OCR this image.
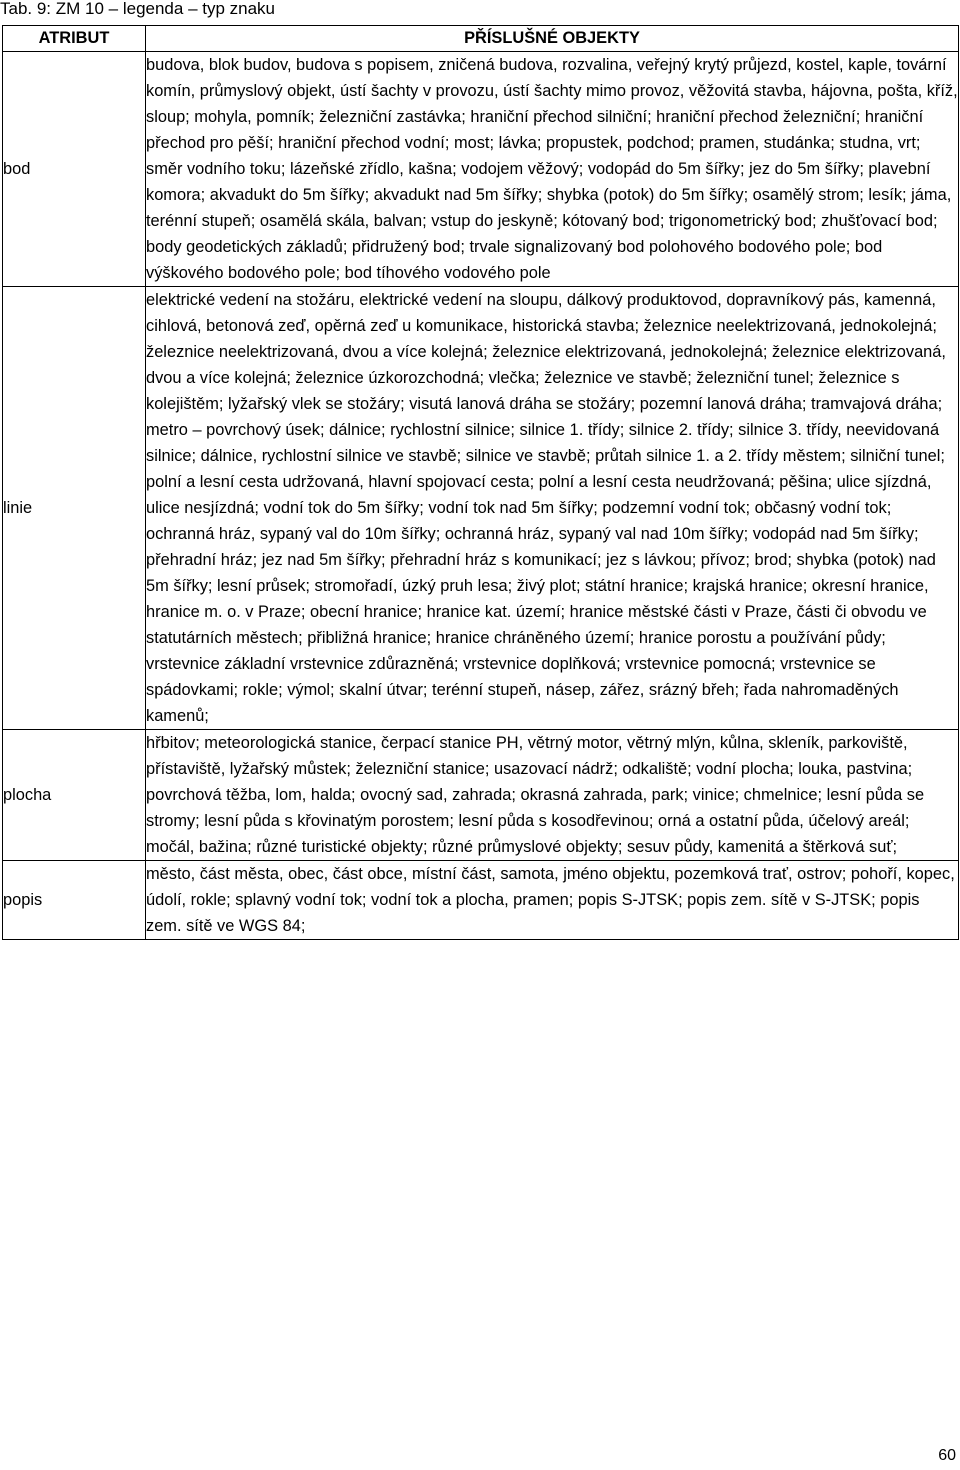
Tab. 9: ZM 10 – legenda – typ znaku
ATRIBUT	PŘÍSLUŠNÉ OBJEKTY
bod	budova, blok budov, budova s popisem, zničená budova, rozvalina, veřejný krytý průjezd, kostel, kaple, tovární komín, průmyslový objekt, ústí šachty v provozu, ústí šachty mimo provoz, věžovitá stavba, hájovna, pošta, kříž, sloup; mohyla, pomník; železniční zastávka; hraniční přechod silniční; hraniční přechod železniční; hraniční přechod pro pěší; hraniční přechod vodní; most; lávka; propustek, podchod; pramen, studánka; studna, vrt; směr vodního toku; lázeňské zřídlo, kašna; vodojem věžový; vodopád do 5m šířky; jez do 5m šířky; plavební komora; akvadukt do 5m šířky; akvadukt nad 5m šířky; shybka (potok) do 5m šířky; osamělý strom; lesík; jáma, terénní stupeň; osamělá skála, balvan; vstup do jeskyně; kótovaný bod; trigonometrický bod; zhušťovací bod; body geodetických základů; přidružený bod; trvale signalizovaný bod polohového bodového pole; bod výškového bodového pole; bod tíhového vodového pole
linie	elektrické vedení na stožáru, elektrické vedení na sloupu, dálkový produktovod, dopravníkový pás, kamenná, cihlová, betonová zeď, opěrná zeď u komunikace, historická stavba; železnice neelektrizovaná, jednokolejná; železnice neelektrizovaná, dvou a více kolejná; železnice elektrizovaná, jednokolejná; železnice elektrizovaná, dvou a více kolejná; železnice úzkorozchodná; vlečka; železnice ve stavbě; železniční tunel; železnice s kolejištěm; lyžařský vlek se stožáry; visutá lanová dráha se stožáry; pozemní lanová dráha; tramvajová dráha; metro – povrchový úsek; dálnice; rychlostní silnice; silnice 1. třídy; silnice 2. třídy; silnice 3. třídy, neevidovaná silnice; dálnice, rychlostní silnice ve stavbě; silnice ve stavbě; průtah silnice 1. a 2. třídy městem; silniční tunel; polní a lesní cesta udržovaná, hlavní spojovací cesta; polní a lesní cesta neudržovaná; pěšina; ulice sjízdná, ulice nesjízdná; vodní tok do 5m šířky; vodní tok nad 5m šířky; podzemní vodní tok; občasný vodní tok; ochranná hráz, sypaný val do 10m šířky; ochranná hráz, sypaný val nad 10m šířky; vodopád nad 5m šířky; přehradní hráz; jez nad 5m šířky; přehradní hráz s komunikací; jez s lávkou; přívoz; brod; shybka (potok) nad 5m šířky; lesní průsek; stromořadí, úzký pruh lesa; živý plot; státní hranice; krajská hranice; okresní hranice, hranice m. o. v Praze; obecní hranice; hranice kat. území; hranice městské části v Praze, části či obvodu ve statutárních městech; přibližná hranice; hranice chráněného území; hranice porostu a používání půdy; vrstevnice základní vrstevnice zdůrazněná; vrstevnice doplňková; vrstevnice pomocná; vrstevnice se spádovkami; rokle; výmol; skalní útvar; terénní stupeň, násep, zářez, srázný břeh; řada nahromaděných kamenů;
plocha	hřbitov; meteorologická stanice, čerpací stanice PH, větrný motor, větrný mlýn, kůlna, skleník, parkoviště, přístaviště, lyžařský můstek; železniční stanice; usazovací nádrž; odkaliště; vodní plocha; louka, pastvina; povrchová těžba, lom, halda; ovocný sad, zahrada; okrasná zahrada, park; vinice; chmelnice; lesní půda se stromy; lesní půda s křovinatým porostem; lesní půda s kosodřevinou; orná a ostatní půda, účelový areál; močál, bažina; různé turistické objekty; různé průmyslové objekty; sesuv půdy, kamenitá a štěrková suť;
popis	město, část města, obec, část obce, místní část, samota, jméno objektu, pozemková trať, ostrov; pohoří, kopec, údolí, rokle; splavný vodní tok; vodní tok a plocha, pramen; popis S-JTSK; popis zem. sítě v S-JTSK; popis zem. sítě ve WGS 84;
60
